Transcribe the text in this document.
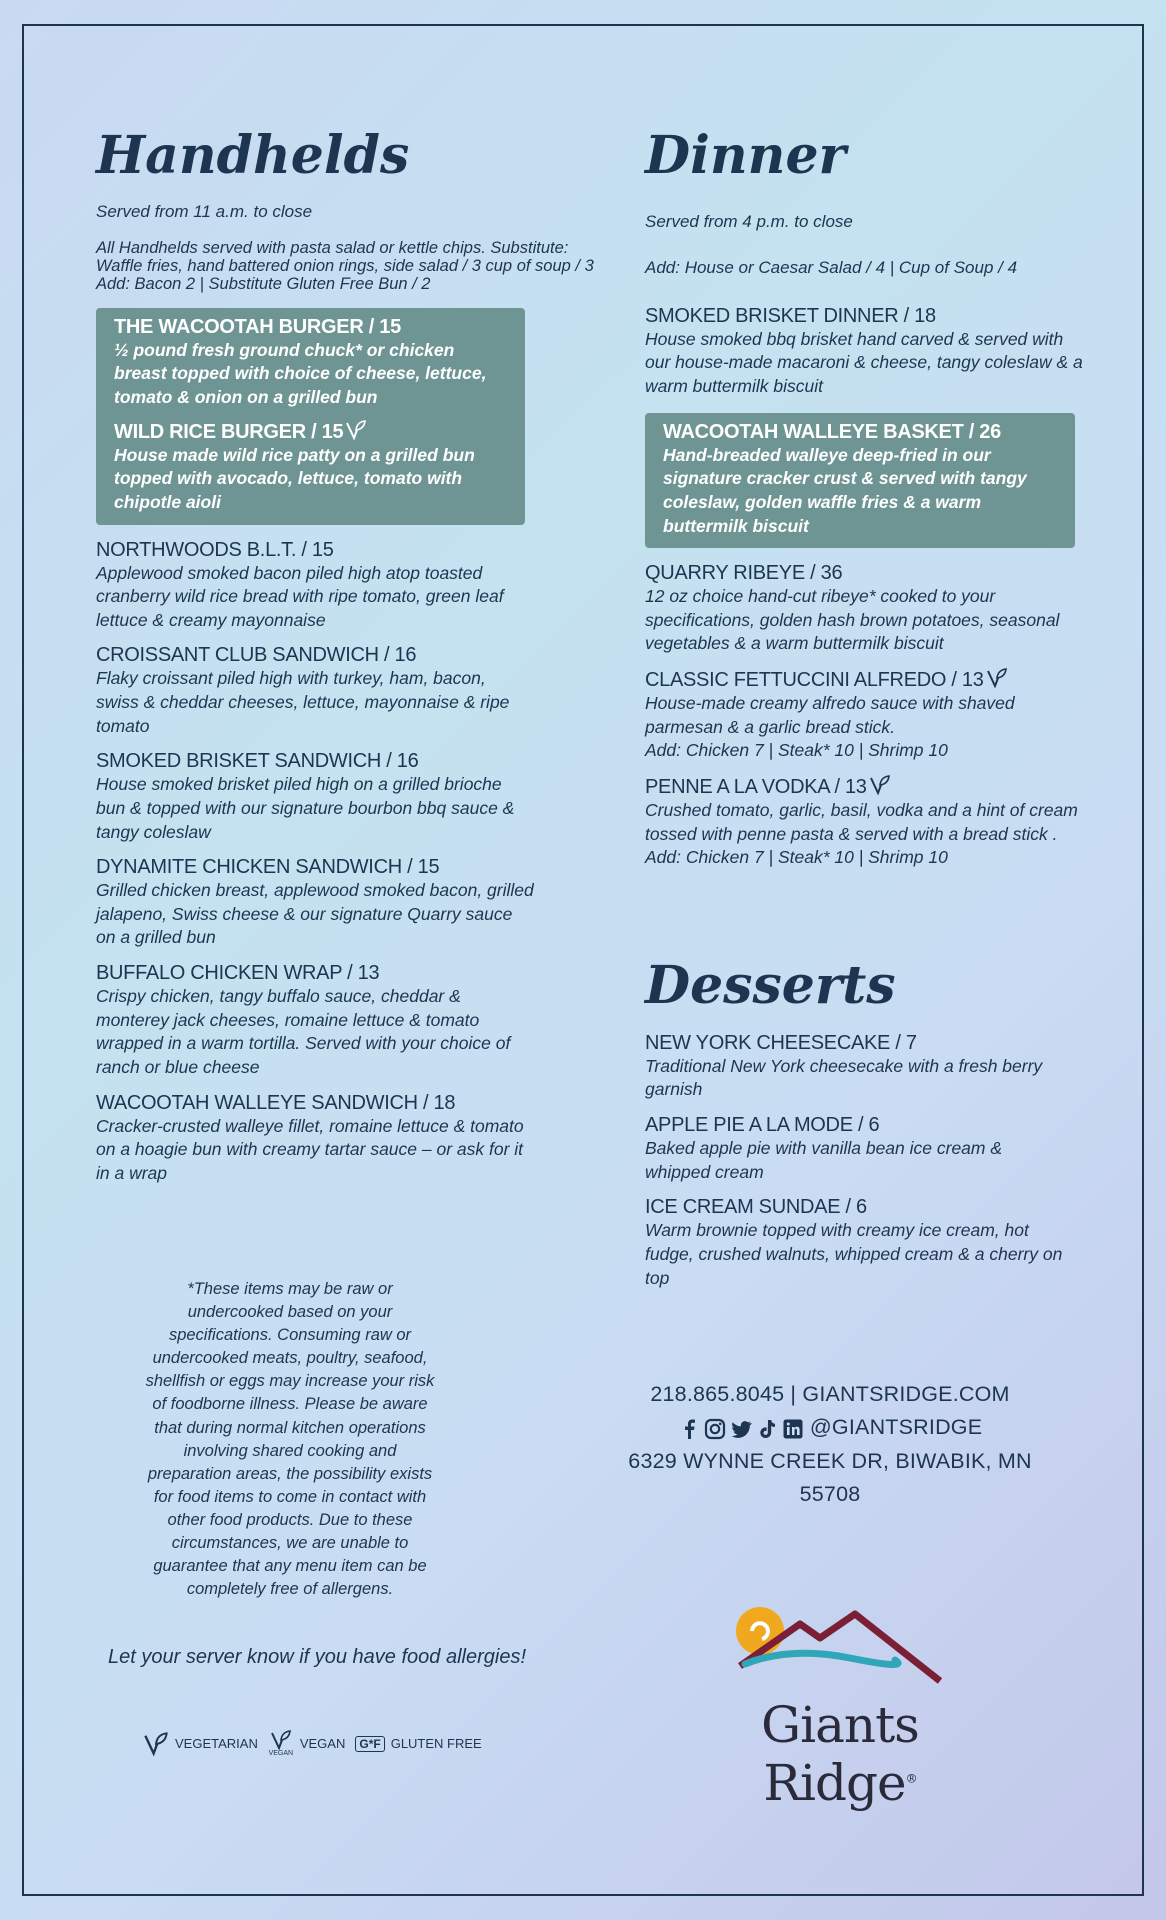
Handhelds
Served from 11 a.m. to close
All Handhelds served with pasta salad or kettle chips. Substitute: Waffle fries, hand battered onion rings, side salad / 3 cup of soup / 3
Add: Bacon 2 | Substitute Gluten Free Bun / 2
THE WACOOTAH BURGER / 15
½ pound fresh ground chuck* or chicken breast topped with choice of cheese, lettuce, tomato & onion on a grilled bun
WILD RICE BURGER / 15
House made wild rice patty on a grilled bun topped with avocado, lettuce, tomato with chipotle aioli
NORTHWOODS B.L.T. / 15
Applewood smoked bacon piled high atop toasted cranberry wild rice bread with ripe tomato, green leaf lettuce & creamy mayonnaise
CROISSANT CLUB SANDWICH / 16
Flaky croissant piled high with turkey, ham, bacon, swiss & cheddar cheeses, lettuce, mayonnaise & ripe tomato
SMOKED BRISKET SANDWICH / 16
House smoked brisket piled high on a grilled brioche bun & topped with our signature bourbon bbq sauce & tangy coleslaw
DYNAMITE CHICKEN SANDWICH / 15
Grilled chicken breast, applewood smoked bacon, grilled jalapeno, Swiss cheese & our signature Quarry sauce on a grilled bun
BUFFALO CHICKEN WRAP / 13
Crispy chicken, tangy buffalo sauce, cheddar & monterey jack cheeses, romaine lettuce & tomato wrapped in a warm tortilla. Served with your choice of ranch or blue cheese
WACOOTAH WALLEYE SANDWICH / 18
Cracker-crusted walleye fillet, romaine lettuce & tomato on a hoagie bun with creamy tartar sauce – or ask for it in a wrap
Dinner
Served from 4 p.m. to close
Add: House or Caesar Salad / 4 | Cup of Soup / 4
SMOKED BRISKET DINNER / 18
House smoked bbq brisket hand carved & served with our house-made macaroni & cheese, tangy coleslaw & a warm buttermilk biscuit
WACOOTAH WALLEYE BASKET / 26
Hand-breaded walleye deep-fried in our signature cracker crust & served with tangy coleslaw, golden waffle fries & a warm buttermilk biscuit
QUARRY RIBEYE / 36
12 oz choice hand-cut ribeye* cooked to your specifications, golden hash brown potatoes, seasonal vegetables & a warm buttermilk biscuit
CLASSIC FETTUCCINI ALFREDO / 13
House-made creamy alfredo sauce with shaved parmesan & a garlic bread stick.
Add: Chicken 7 | Steak* 10 | Shrimp 10
PENNE A LA VODKA / 13
Crushed tomato, garlic, basil, vodka and a hint of cream tossed with penne pasta & served with a bread stick .
Add: Chicken 7 | Steak* 10 | Shrimp 10
Desserts
NEW YORK CHEESECAKE / 7
Traditional New York cheesecake with a fresh berry garnish
APPLE PIE A LA MODE / 6
Baked apple pie with vanilla bean ice cream & whipped cream
ICE CREAM SUNDAE / 6
Warm brownie topped with creamy ice cream, hot fudge, crushed walnuts, whipped cream & a cherry on top
*These items may be raw or undercooked based on your specifications. Consuming raw or undercooked meats, poultry, seafood, shellfish or eggs may increase your risk of foodborne illness. Please be aware that during normal kitchen operations involving shared cooking and preparation areas, the possibility exists for food items to come in contact with other food products. Due to these circumstances, we are unable to guarantee that any menu item can be completely free of allergens.
Let your server know if you have food allergies!
VEGETARIAN
VEGAN
VEGAN	G*F GLUTEN FREE
218.865.8045 | GIANTSRIDGE.COM
@GIANTSRIDGE
6329 WYNNE CREEK DR, BIWABIK, MN 55708
Giants Ridge®
